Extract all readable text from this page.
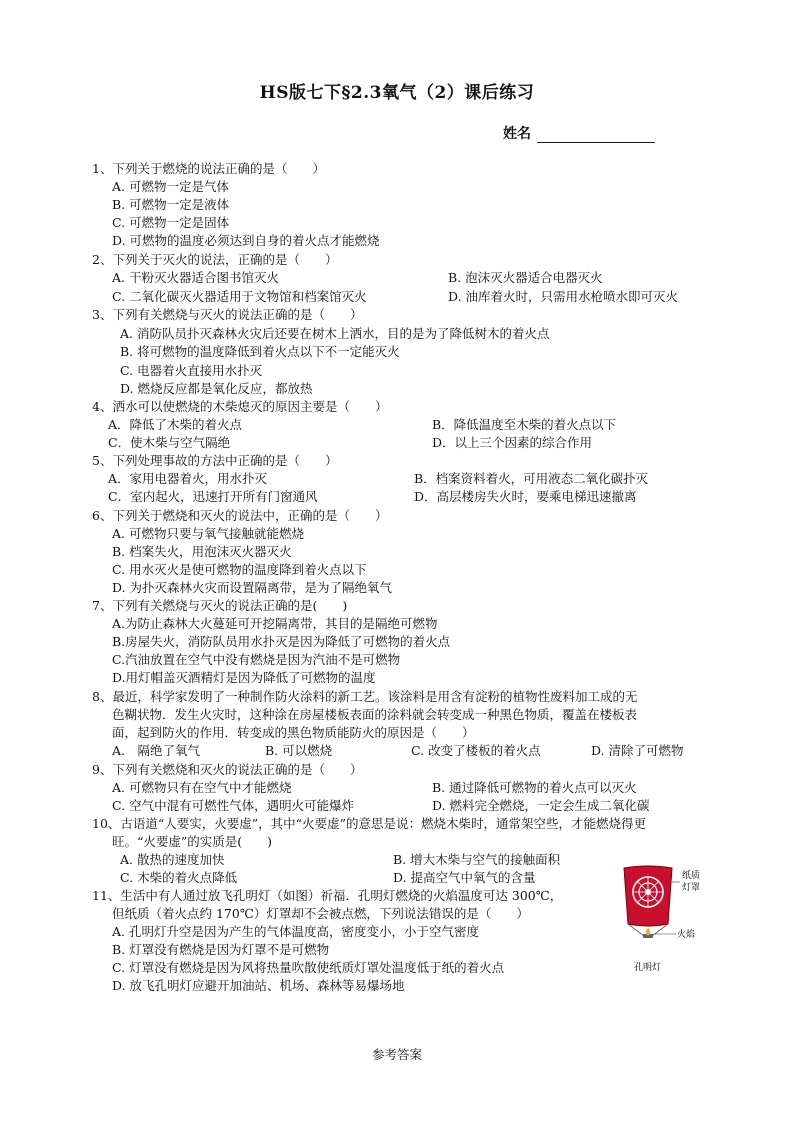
HS版七下§2.3氧气（2）课后练习
姓名
1、下列关于燃烧的说法正确的是（　　）
A. 可燃物一定是气体
B. 可燃物一定是液体
C. 可燃物一定是固体
D. 可燃物的温度必须达到自身的着火点才能燃烧
2、下列关于灭火的说法，正确的是（　　）
A. 干粉灭火器适合图书馆灭火	B. 泡沫灭火器适合电器灭火
C. 二氧化碳灭火器适用于文物馆和档案馆灭火	D. 油库着火时，只需用水枪喷水即可灭火
3、下列有关燃烧与灭火的说法正确的是（　　）
A. 消防队员扑灭森林火灾后还要在树木上洒水，目的是为了降低树木的着火点
B. 将可燃物的温度降低到着火点以下不一定能灭火
C. 电器着火直接用水扑灭
D. 燃烧反应都是氧化反应，都放热
4、洒水可以使燃烧的木柴熄灭的原因主要是（　　）
A．降低了木柴的着火点	B．降低温度至木柴的着火点以下
C．使木柴与空气隔绝	D．以上三个因素的综合作用
5、下列处理事故的方法中正确的是（　　）
A．家用电器着火，用水扑灭	B．档案资料着火，可用液态二氧化碳扑灭
C．室内起火，迅速打开所有门窗通风	D．高层楼房失火时，要乘电梯迅速撤离
6、下列关于燃烧和灭火的说法中，正确的是（　　）
A. 可燃物只要与氧气接触就能燃烧
B. 档案失火，用泡沫灭火器灭火
C. 用水灭火是使可燃物的温度降到着火点以下
D. 为扑灭森林火灾而设置隔离带，是为了隔绝氧气
7、下列有关燃烧与灭火的说法正确的是(　　)
A.为防止森林大火蔓延可开挖隔离带，其目的是隔绝可燃物
B.房屋失火，消防队员用水扑灭是因为降低了可燃物的着火点
C.汽油放置在空气中没有燃烧是因为汽油不是可燃物
D.用灯帽盖灭酒精灯是因为降低了可燃物的温度
8、最近，科学家发明了一种制作防火涂料的新工艺。该涂料是用含有淀粉的植物性废料加工成的无
色糊状物．发生火灾时，这种涂在房屋楼板表面的涂料就会转变成一种黑色物质，覆盖在楼板表
面，起到防火的作用．转变成的黑色物质能防火的原因是（　　）
A.　隔绝了氧气	B. 可以燃烧	C. 改变了楼板的着火点	D. 清除了可燃物
9、下列有关燃烧和灭火的说法正确的是（　　）
A. 可燃物只有在空气中才能燃烧	B. 通过降低可燃物的着火点可以灭火
C. 空气中混有可燃性气体，遇明火可能爆炸	D. 燃料完全燃烧，一定会生成二氧化碳
10、古语道“人要实，火要虚”，其中“火要虚”的意思是说：燃烧木柴时，通常架空些，才能燃烧得更
旺。“火要虚”的实质是(　　)
A. 散热的速度加快	B. 增大木柴与空气的接触面积
C. 木柴的着火点降低	D. 提高空气中氧气的含量
11、生活中有人通过放飞孔明灯（如图）祈福．孔明灯燃烧的火焰温度可达 300℃，
但纸质（着火点约 170℃）灯罩却不会被点燃，下列说法错误的是（　　）
A. 孔明灯升空是因为产生的气体温度高，密度变小，小于空气密度
B. 灯罩没有燃烧是因为灯罩不是可燃物
C. 灯罩没有燃烧是因为风将热量吹散使纸质灯罩处温度低于纸的着火点
D. 放飞孔明灯应避开加油站、机场、森林等易爆场地
纸质
灯罩
火焰
孔明灯
参考答案
